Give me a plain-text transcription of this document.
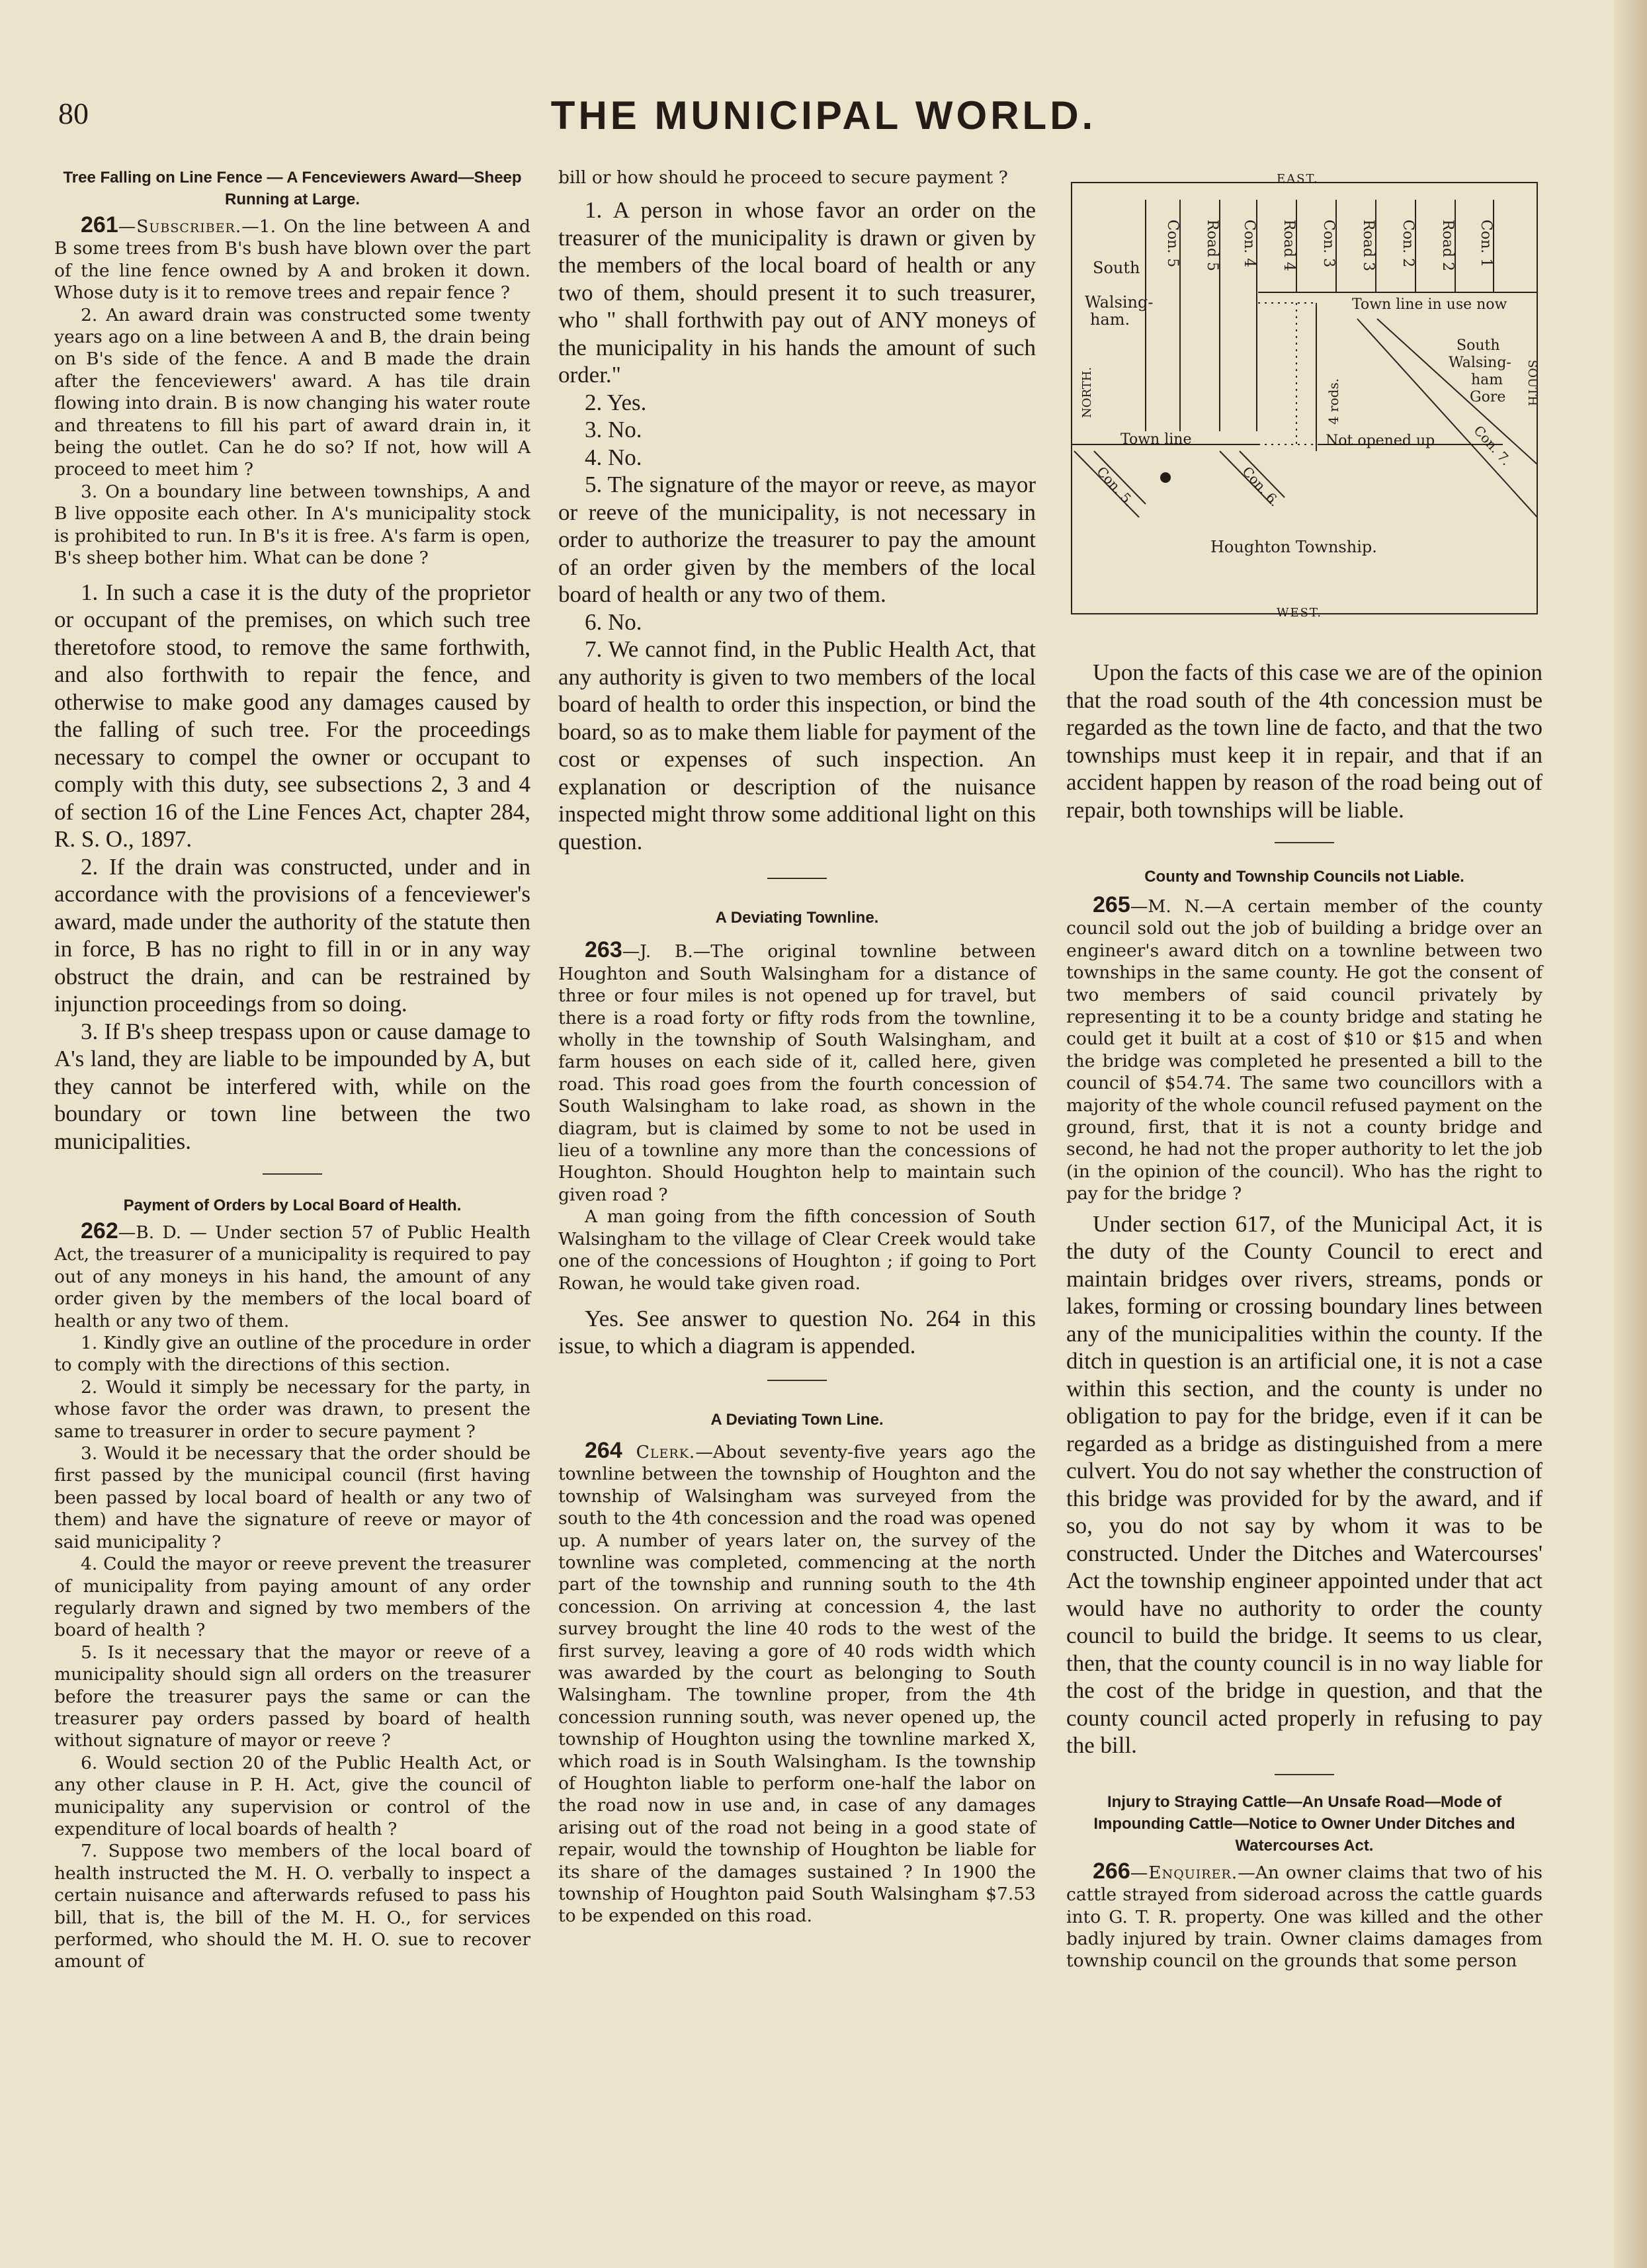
80	THE MUNICIPAL WORLD.
Tree Falling on Line Fence — A Fenceviewers Award—Sheep Running at Large.

261—Subscriber.—1. On the line between A and B some trees from B's bush have blown over the part of the line fence owned by A and broken it down. Whose duty is it to remove trees and repair fence ?

2. An award drain was constructed some twenty years ago on a line between A and B, the drain being on B's side of the fence. A and B made the drain after the fenceviewers' award. A has tile drain flowing into drain. B is now changing his water route and threatens to fill his part of award drain in, it being the outlet. Can he do so? If not, how will A proceed to meet him ?

3. On a boundary line between townships, A and B live opposite each other. In A's municipality stock is prohibited to run. In B's it is free. A's farm is open, B's sheep bother him. What can be done ?

1. In such a case it is the duty of the proprietor or occupant of the premises, on which such tree theretofore stood, to remove the same forthwith, and also forthwith to repair the fence, and otherwise to make good any damages caused by the falling of such tree. For the proceedings necessary to compel the owner or occupant to comply with this duty, see subsections 2, 3 and 4 of section 16 of the Line Fences Act, chapter 284, R. S. O., 1897.

2. If the drain was constructed, under and in accordance with the provisions of a fenceviewer's award, made under the authority of the statute then in force, B has no right to fill in or in any way obstruct the drain, and can be restrained by injunction proceedings from so doing.

3. If B's sheep trespass upon or cause damage to A's land, they are liable to be impounded by A, but they cannot be interfered with, while on the boundary or town line between the two municipalities.

Payment of Orders by Local Board of Health.

262—B. D. — Under section 57 of Public Health Act, the treasurer of a municipality is required to pay out of any moneys in his hand, the amount of any order given by the members of the local board of health or any two of them.

1. Kindly give an outline of the procedure in order to comply with the directions of this section.

2. Would it simply be necessary for the party, in whose favor the order was drawn, to present the same to treasurer in order to secure payment ?

3. Would it be necessary that the order should be first passed by the municipal council (first having been passed by local board of health or any two of them) and have the signature of reeve or mayor of said municipality ?

4. Could the mayor or reeve prevent the treasurer of municipality from paying amount of any order regularly drawn and signed by two members of the board of health ?

5. Is it necessary that the mayor or reeve of a municipality should sign all orders on the treasurer before the treasurer pays the same or can the treasurer pay orders passed by board of health without signature of mayor or reeve ?

6. Would section 20 of the Public Health Act, or any other clause in P. H. Act, give the council of municipality any supervision or control of the expenditure of local boards of health ?

7. Suppose two members of the local board of health instructed the M. H. O. verbally to inspect a certain nuisance and afterwards refused to pass his bill, that is, the bill of the M. H. O., for services performed, who should the M. H. O. sue to recover amount of

bill or how should he proceed to secure payment ?

1. A person in whose favor an order on the treasurer of the municipality is drawn or given by the members of the local board of health or any two of them, should present it to such treasurer, who " shall forthwith pay out of ANY moneys of the municipality in his hands the amount of such order."

2. Yes.

3. No.

4. No.

5. The signature of the mayor or reeve, as mayor or reeve of the municipality, is not necessary in order to authorize the treasurer to pay the amount of an order given by the members of the local board of health or any two of them.

6. No.

7. We cannot find, in the Public Health Act, that any authority is given to two members of the local board of health to order this inspection, or bind the board, so as to make them liable for payment of the cost or expenses of such inspection. An explanation or description of the nuisance inspected might throw some additional light on this question.

A Deviating Townline.

263—J. B.—The original townline between Houghton and South Walsingham for a distance of three or four miles is not opened up for travel, but there is a road forty or fifty rods from the townline, wholly in the township of South Walsingham, and farm houses on each side of it, called here, given road. This road goes from the fourth concession of South Walsingham to lake road, as shown in the diagram, but is claimed by some to not be used in lieu of a townline any more than the concessions of Houghton. Should Houghton help to maintain such given road ?

A man going from the fifth concession of South Walsingham to the village of Clear Creek would take one of the concessions of Houghton ; if going to Port Rowan, he would take given road.

Yes. See answer to question No. 264 in this issue, to which a diagram is appended.

A Deviating Town Line.

264 Clerk.—About seventy-five years ago the townline between the township of Houghton and the township of Walsingham was surveyed from the south to the 4th concession and the road was opened up. A number of years later on, the survey of the townline was completed, commencing at the north part of the township and running south to the 4th concession. On arriving at concession 4, the last survey brought the line 40 rods to the west of the first survey, leaving a gore of 40 rods width which was awarded by the court as belonging to South Walsingham. The townline proper, from the 4th concession running south, was never opened up, the township of Houghton using the townline marked X, which road is in South Walsingham. Is the township of Houghton liable to perform one-half the labor on the road now in use and, in case of any damages arising out of the road not being in a good state of repair, would the township of Houghton be liable for its share of the damages sustained ? In 1900 the township of Houghton paid South Walsingham $7.53 to be expended on this road.

EAST.
WEST.
NORTH.	SOUTH
South
Walsing-
ham.
Con. 5 Road 5 Con. 4 Road 4 Con. 3 Road 3 Con. 2 Road 2 Con. 1
Town line in use now
4 rods.
South
Walsing-
ham
Gore
Con. 7.
Town line	Not opened up
Con. 5.	Con. 6.
Houghton Township.

Upon the facts of this case we are of the opinion that the road south of the 4th concession must be regarded as the town line de facto, and that the two townships must keep it in repair, and that if an accident happen by reason of the road being out of repair, both townships will be liable.

County and Township Councils not Liable.

265—M. N.—A certain member of the county council sold out the job of building a bridge over an engineer's award ditch on a townline between two townships in the same county. He got the consent of two members of said council privately by representing it to be a county bridge and stating he could get it built at a cost of $10 or $15 and when the bridge was completed he presented a bill to the council of $54.74. The same two councillors with a majority of the whole council refused payment on the ground, first, that it is not a county bridge and second, he had not the proper authority to let the job (in the opinion of the council). Who has the right to pay for the bridge ?

Under section 617, of the Municipal Act, it is the duty of the County Council to erect and maintain bridges over rivers, streams, ponds or lakes, forming or crossing boundary lines between any of the municipalities within the county. If the ditch in question is an artificial one, it is not a case within this section, and the county is under no obligation to pay for the bridge, even if it can be regarded as a bridge as distinguished from a mere culvert. You do not say whether the construction of this bridge was provided for by the award, and if so, you do not say by whom it was to be constructed. Under the Ditches and Watercourses' Act the township engineer appointed under that act would have no authority to order the county council to build the bridge. It seems to us clear, then, that the county council is in no way liable for the cost of the bridge in question, and that the county council acted properly in refusing to pay the bill.

Injury to Straying Cattle—An Unsafe Road—Mode of Impounding Cattle—Notice to Owner Under Ditches and Watercourses Act.

266—Enquirer.—An owner claims that two of his cattle strayed from sideroad across the cattle guards into G. T. R. property. One was killed and the other badly injured by train. Owner claims damages from township council on the grounds that some person
